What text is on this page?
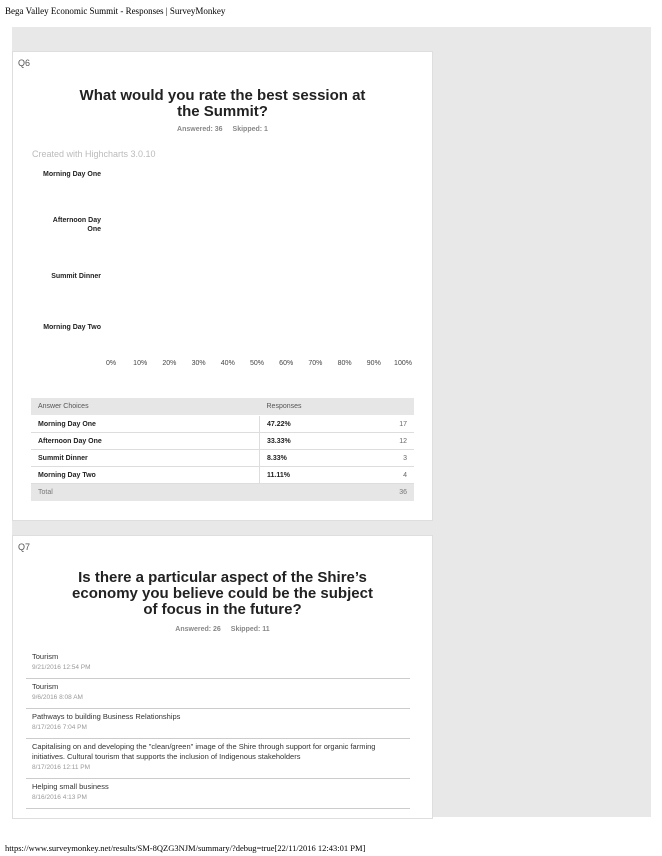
Bega Valley Economic Summit - Responses | SurveyMonkey
Q6
What would you rate the best session at
the Summit?
Answered: 36 Skipped: 1
Created with Highcharts 3.0.10
Morning Day One
Afternoon Day
One
Summit Dinner
Morning Day Two
0% 10% 20% 30% 40% 50% 60% 70% 80% 90% 100%
Answer Choices	Responses	
Morning Day One	47.22%	17
Afternoon Day One	33.33%	12
Summit Dinner	8.33%	3
Morning Day Two	11.11%	4
Total		36
Q7
Is there a particular aspect of the Shire’s
economy you believe could be the subject
of focus in the future?
Answered: 26 Skipped: 11
Tourism
9/21/2016 12:54 PM
Tourism
9/6/2016 8:08 AM
Pathways to building Business Relationships
8/17/2016 7:04 PM
Capitalising on and developing the "clean/green" image of the Shire through support for organic farming
initiatives. Cultural tourism that supports the inclusion of Indigenous stakeholders
8/17/2016 12:11 PM
Helping small business
8/16/2016 4:13 PM
https://www.surveymonkey.net/results/SM-8QZG3NJM/summary/?debug=true[22/11/2016 12:43:01 PM]
